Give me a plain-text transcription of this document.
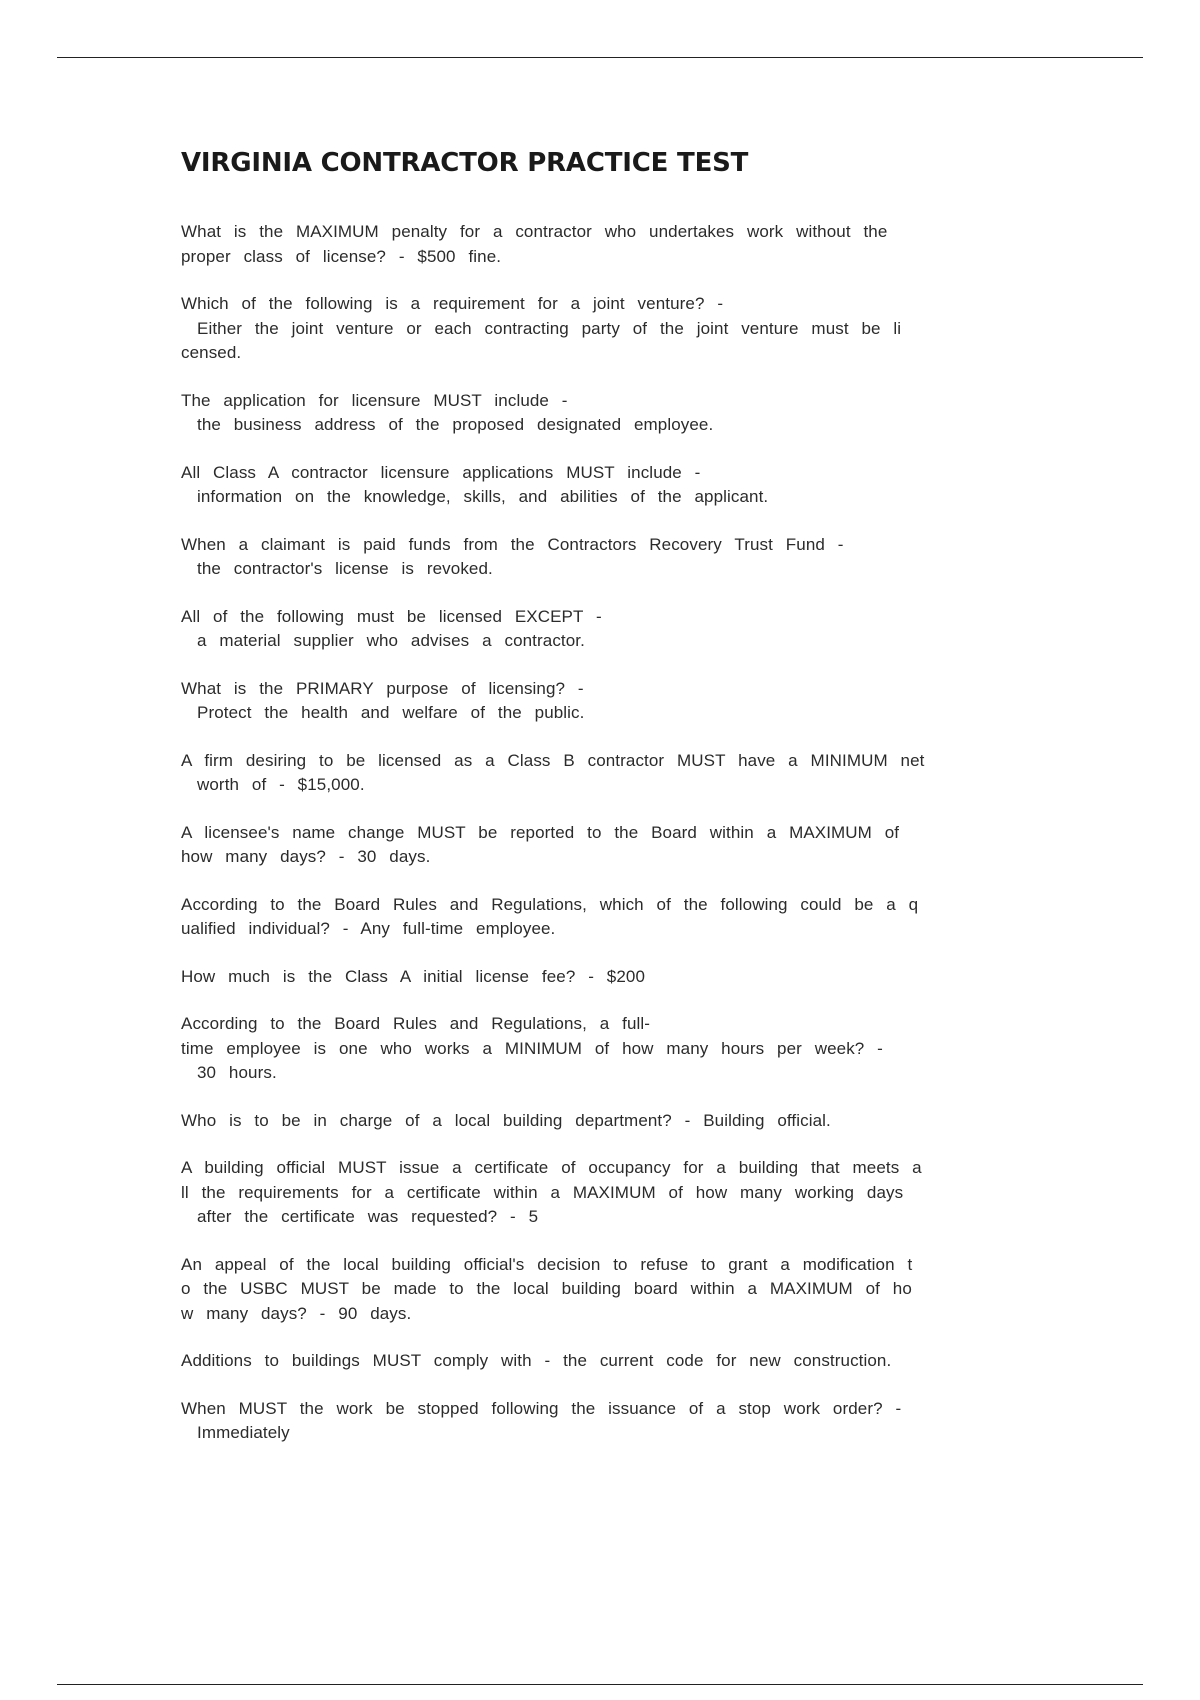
VIRGINIA CONTRACTOR PRACTICE TEST

What is the MAXIMUM penalty for a contractor who undertakes work without the
proper class of license? - $500 fine.

Which of the following is a requirement for a joint venture? -
Either the joint venture or each contracting party of the joint venture must be li
censed.

The application for licensure MUST include -
the business address of the proposed designated employee.

All Class A contractor licensure applications MUST include -
information on the knowledge, skills, and abilities of the applicant.

When a claimant is paid funds from the Contractors Recovery Trust Fund -
the contractor's license is revoked.

All of the following must be licensed EXCEPT -
a material supplier who advises a contractor.

What is the PRIMARY purpose of licensing? -
Protect the health and welfare of the public.

A firm desiring to be licensed as a Class B contractor MUST have a MINIMUM net
worth of - $15,000.

A licensee's name change MUST be reported to the Board within a MAXIMUM of
how many days? - 30 days.

According to the Board Rules and Regulations, which of the following could be a q
ualified individual? - Any full-time employee.

How much is the Class A initial license fee? - $200

According to the Board Rules and Regulations, a full-
time employee is one who works a MINIMUM of how many hours per week? -
30 hours.

Who is to be in charge of a local building department? - Building official.

A building official MUST issue a certificate of occupancy for a building that meets a
ll the requirements for a certificate within a MAXIMUM of how many working days
after the certificate was requested? - 5

An appeal of the local building official's decision to refuse to grant a modification t
o the USBC MUST be made to the local building board within a MAXIMUM of ho
w many days? - 90 days.

Additions to buildings MUST comply with - the current code for new construction.

When MUST the work be stopped following the issuance of a stop work order? -
Immediately
